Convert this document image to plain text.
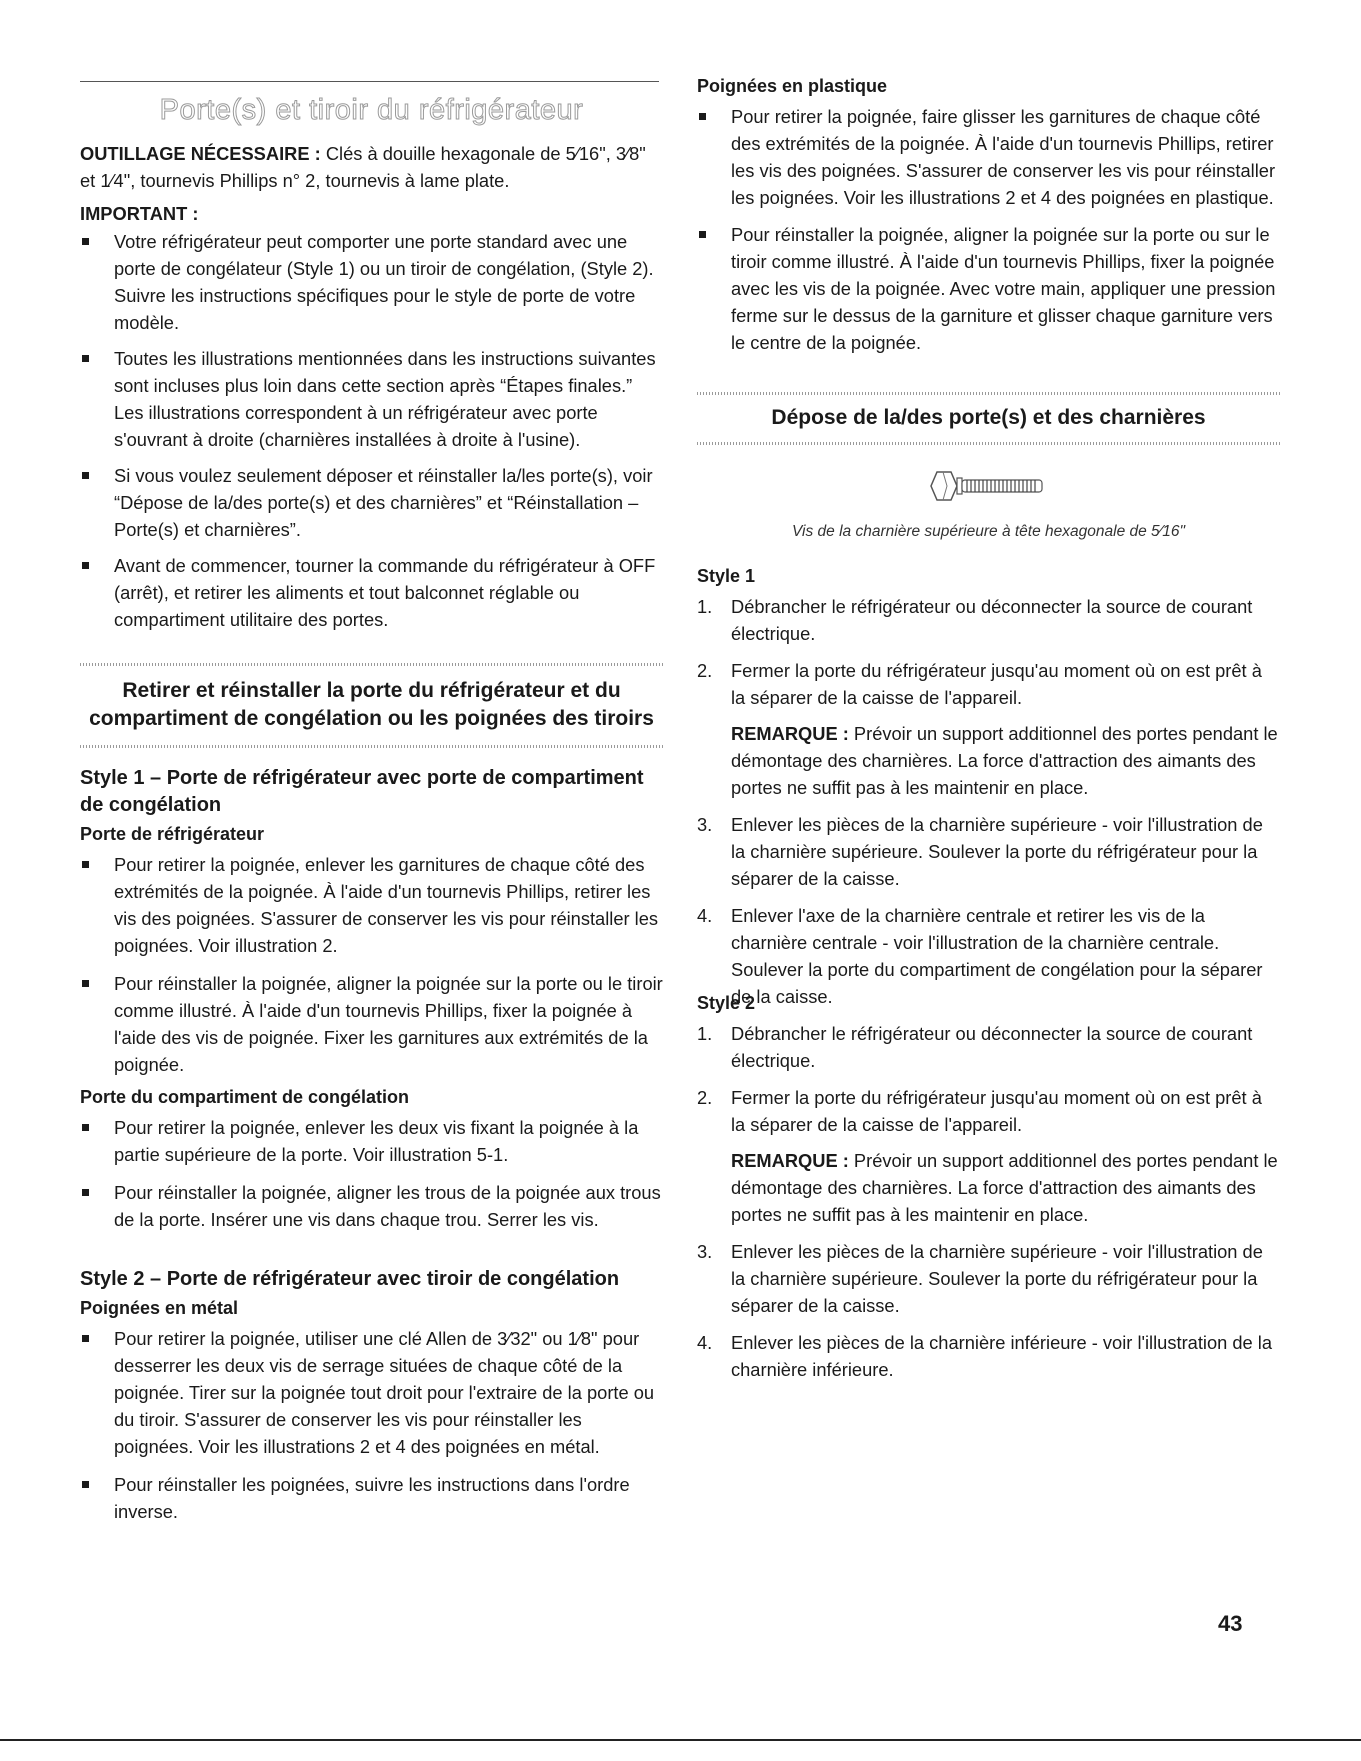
Porte(s) et tiroir du réfrigérateur

OUTILLAGE NÉCESSAIRE : Clés à douille hexagonale de 5⁄16", 3⁄8" et 1⁄4", tournevis Phillips n° 2, tournevis à lame plate.

IMPORTANT :

Votre réfrigérateur peut comporter une porte standard avec une porte de congélateur (Style 1) ou un tiroir de congélation, (Style 2). Suivre les instructions spécifiques pour le style de porte de votre modèle.
Toutes les illustrations mentionnées dans les instructions suivantes sont incluses plus loin dans cette section après “Étapes finales.” Les illustrations correspondent à un réfrigérateur avec porte s'ouvrant à droite (charnières installées à droite à l'usine).
Si vous voulez seulement déposer et réinstaller la/les porte(s), voir “Dépose de la/des porte(s) et des charnières” et “Réinstallation – Porte(s) et charnières”.
Avant de commencer, tourner la commande du réfrigérateur à OFF (arrêt), et retirer les aliments et tout balconnet réglable ou compartiment utilitaire des portes.
Retirer et réinstaller la porte du réfrigérateur et du
compartiment de congélation ou les poignées des tiroirs

Style 1 – Porte de réfrigérateur avec porte de compartiment de congélation

Porte de réfrigérateur

Pour retirer la poignée, enlever les garnitures de chaque côté des extrémités de la poignée. À l'aide d'un tournevis Phillips, retirer les vis des poignées. S'assurer de conserver les vis pour réinstaller les poignées. Voir illustration 2.
Pour réinstaller la poignée, aligner la poignée sur la porte ou le tiroir comme illustré. À l'aide d'un tournevis Phillips, fixer la poignée à l'aide des vis de poignée. Fixer les garnitures aux extrémités de la poignée.

Porte du compartiment de congélation

Pour retirer la poignée, enlever les deux vis fixant la poignée à la partie supérieure de la porte. Voir illustration 5-1.
Pour réinstaller la poignée, aligner les trous de la poignée aux trous de la porte. Insérer une vis dans chaque trou. Serrer les vis.

Style 2 – Porte de réfrigérateur avec tiroir de congélation

Poignées en métal

Pour retirer la poignée, utiliser une clé Allen de 3⁄32" ou 1⁄8" pour desserrer les deux vis de serrage situées de chaque côté de la poignée. Tirer sur la poignée tout droit pour l'extraire de la porte ou du tiroir. S'assurer de conserver les vis pour réinstaller les poignées. Voir les illustrations 2 et 4 des poignées en métal.
Pour réinstaller les poignées, suivre les instructions dans l'ordre inverse.

Poignées en plastique

Pour retirer la poignée, faire glisser les garnitures de chaque côté des extrémités de la poignée. À l'aide d'un tournevis Phillips, retirer les vis des poignées. S'assurer de conserver les vis pour réinstaller les poignées. Voir les illustrations 2 et 4 des poignées en plastique.
Pour réinstaller la poignée, aligner la poignée sur la porte ou sur le tiroir comme illustré. À l'aide d'un tournevis Phillips, fixer la poignée avec les vis de la poignée. Avec votre main, appliquer une pression ferme sur le dessus de la garniture et glisser chaque garniture vers le centre de la poignée.
Dépose de la/des porte(s) et des charnières

Vis de la charnière supérieure à tête hexagonale de 5⁄16"

Style 1

1. Débrancher le réfrigérateur ou déconnecter la source de courant électrique.
2. Fermer la porte du réfrigérateur jusqu'au moment où on est prêt à la séparer de la caisse de l'appareil.

REMARQUE : Prévoir un support additionnel des portes pendant le démontage des charnières. La force d'attraction des aimants des portes ne suffit pas à les maintenir en place.

3. Enlever les pièces de la charnière supérieure - voir l'illustration de la charnière supérieure. Soulever la porte du réfrigérateur pour la séparer de la caisse.
4. Enlever l'axe de la charnière centrale et retirer les vis de la charnière centrale - voir l'illustration de la charnière centrale. Soulever la porte du compartiment de congélation pour la séparer de la caisse.

Style 2

1. Débrancher le réfrigérateur ou déconnecter la source de courant électrique.
2. Fermer la porte du réfrigérateur jusqu'au moment où on est prêt à la séparer de la caisse de l'appareil.

REMARQUE : Prévoir un support additionnel des portes pendant le démontage des charnières. La force d'attraction des aimants des portes ne suffit pas à les maintenir en place.

3. Enlever les pièces de la charnière supérieure - voir l'illustration de la charnière supérieure. Soulever la porte du réfrigérateur pour la séparer de la caisse.
4. Enlever les pièces de la charnière inférieure - voir l'illustration de la charnière inférieure.
43
